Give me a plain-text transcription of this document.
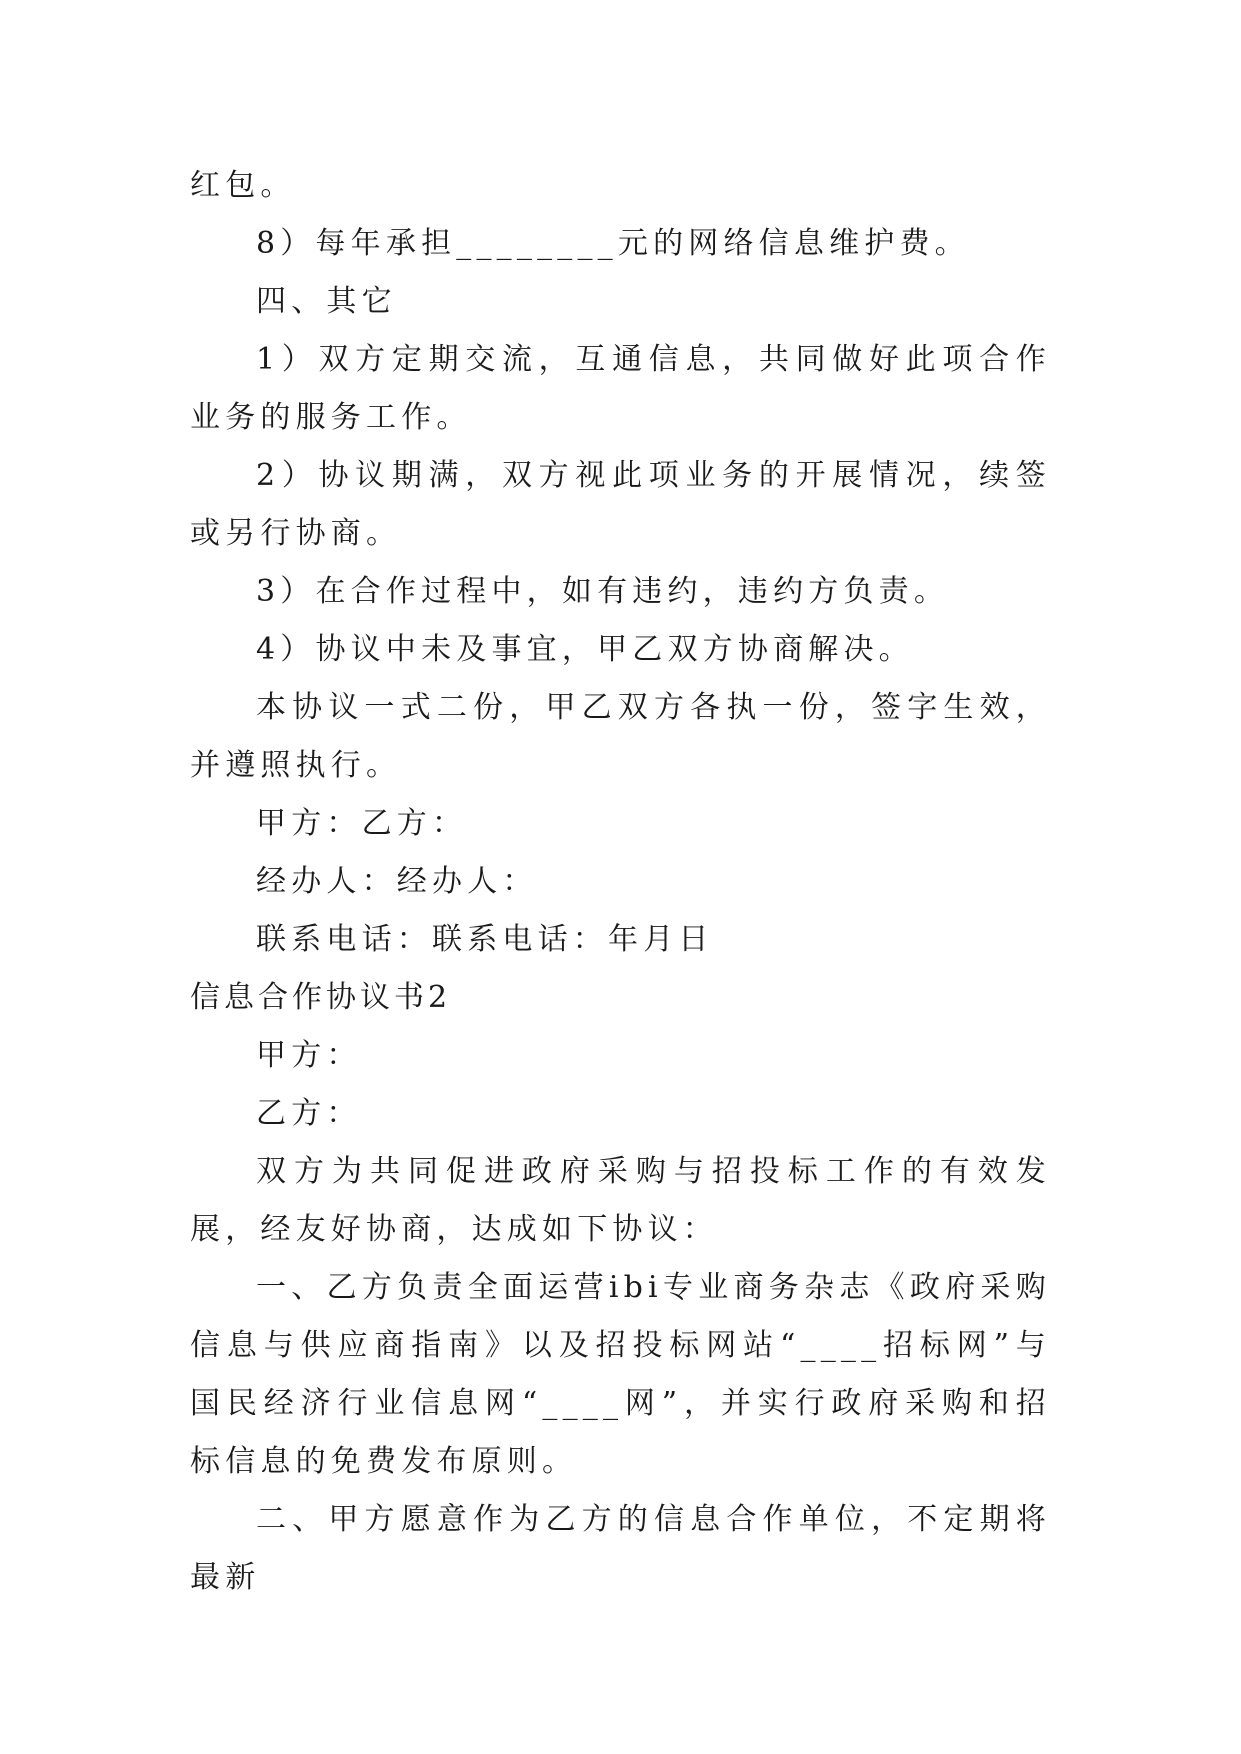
红包。

8）每年承担________元的网络信息维护费。

四、其它

1）双方定期交流，互通信息，共同做好此项合作业务的服务工作。

2）协议期满，双方视此项业务的开展情况，续签或另行协商。

3）在合作过程中，如有违约，违约方负责。

4）协议中未及事宜，甲乙双方协商解决。

本协议一式二份，甲乙双方各执一份，签字生效，并遵照执行。

甲方：乙方：

经办人：经办人：

联系电话：联系电话：年月日

信息合作协议书2

甲方：

乙方：

双方为共同促进政府采购与招投标工作的有效发展，经友好协商，达成如下协议：

一、乙方负责全面运营ibi专业商务杂志《政府采购信息与供应商指南》以及招投标网站“____招标网”与国民经济行业信息网“____网”，并实行政府采购和招标信息的免费发布原则。

二、甲方愿意作为乙方的信息合作单位，不定期将最新
